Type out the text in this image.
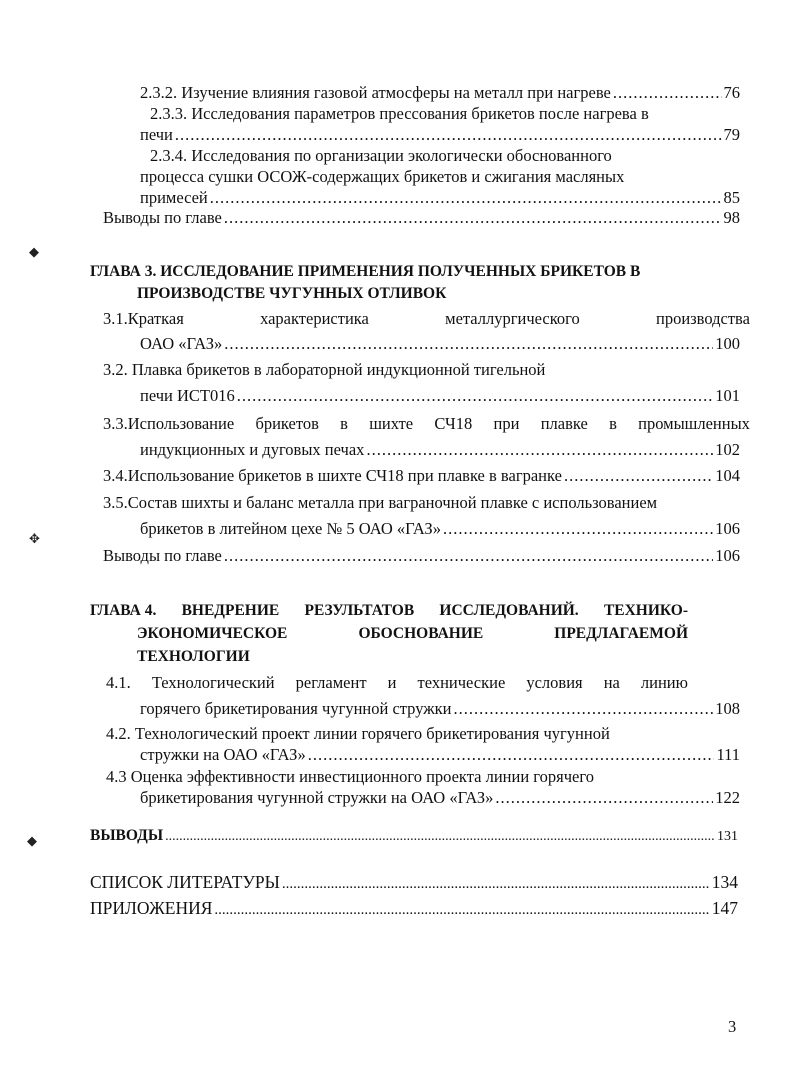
◆
✥
◆
2.3.2. Изучение влияния газовой атмосферы на металл при нагреве .....	76
2.3.3. Исследования параметров прессования брикетов после нагрева в
печи .....	79
2.3.4. Исследования по организации экологически обоснованного
процесса сушки ОСОЖ-содержащих брикетов и сжигания масляных
примесей .....	85
Выводы по главе .....	98
ГЛАВА 3. ИССЛЕДОВАНИЕ ПРИМЕНЕНИЯ ПОЛУЧЕННЫХ БРИКЕТОВ В
ПРОИЗВОДСТВЕ ЧУГУННЫХ ОТЛИВОК
3.1.Краткая	характеристика	металлургического	производства
ОАО «ГАЗ» .....	100
3.2. Плавка брикетов в лабораторной индукционной тигельной
печи ИСТ016 .....	101
3.3.Использование брикетов в шихте СЧ18 при плавке в промышленных
индукционных и дуговых печах .....	102
3.4.Использование брикетов в шихте СЧ18 при плавке в вагранке .....	104
3.5.Состав шихты и баланс металла при ваграночной плавке с использованием
брикетов в литейном цехе № 5 ОАО «ГАЗ» .....	106
Выводы по главе .....	106
ГЛАВА 4. ВНЕДРЕНИЕ РЕЗУЛЬТАТОВ ИССЛЕДОВАНИЙ. ТЕХНИКО-
ЭКОНОМИЧЕСКОЕ	ОБОСНОВАНИЕ	ПРЕДЛАГАЕМОЙ
ТЕХНОЛОГИИ
4.1. Технологический регламент и технические условия на линию
горячего брикетирования чугунной стружки .....	108
4.2. Технологический проект линии горячего брикетирования чугунной
стружки на ОАО «ГАЗ» .....	111
4.3 Оценка эффективности инвестиционного проекта линии горячего
брикетирования чугунной стружки на ОАО «ГАЗ» .....	122
ВЫВОДЫ .....	131
СПИСОК ЛИТЕРАТУРЫ .....	134
ПРИЛОЖЕНИЯ .....	147
3
